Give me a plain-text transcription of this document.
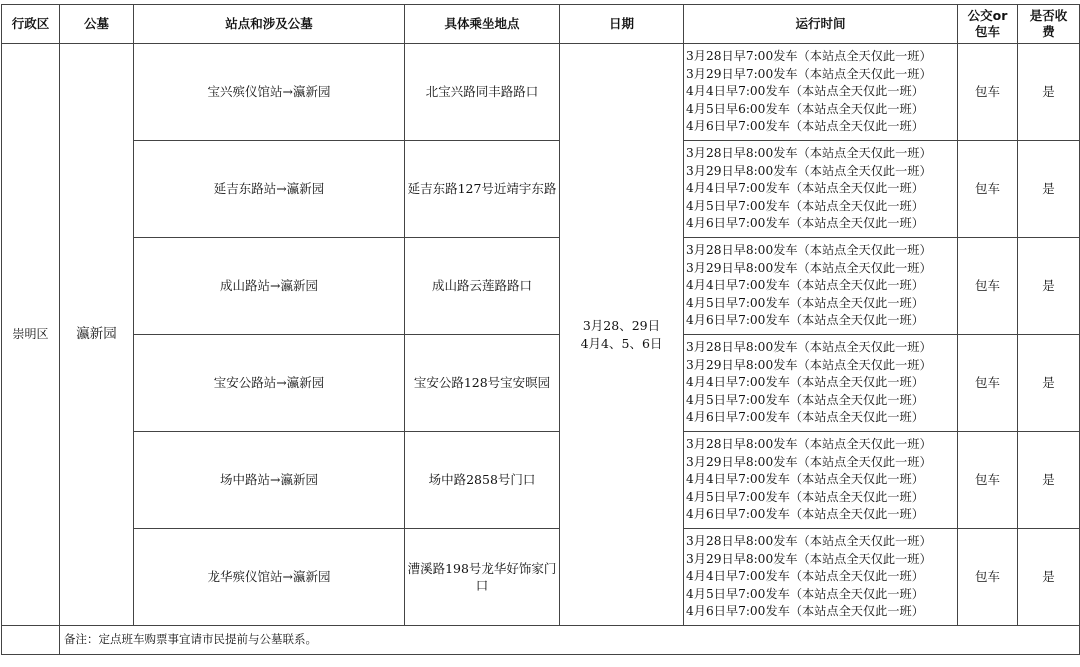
行政区	公墓	站点和涉及公墓	具体乘坐地点	日期	运行时间	公交or
包车	是否收
费
崇明区	瀛新园	宝兴殡仪馆站→瀛新园	北宝兴路同丰路路口	3月28、29日
4月4、5、6日	3月28日早7:00发车（本站点全天仅此一班）
3月29日早7:00发车（本站点全天仅此一班）
4月4日早7:00发车（本站点全天仅此一班）
4月5日早6:00发车（本站点全天仅此一班）
4月6日早7:00发车（本站点全天仅此一班）	包车	是
		延吉东路站→瀛新园	延吉东路127号近靖宇东路		3月28日早8:00发车（本站点全天仅此一班）
3月29日早8:00发车（本站点全天仅此一班）
4月4日早7:00发车（本站点全天仅此一班）
4月5日早7:00发车（本站点全天仅此一班）
4月6日早7:00发车（本站点全天仅此一班）	包车	是
		成山路站→瀛新园	成山路云莲路路口		3月28日早8:00发车（本站点全天仅此一班）
3月29日早8:00发车（本站点全天仅此一班）
4月4日早7:00发车（本站点全天仅此一班）
4月5日早7:00发车（本站点全天仅此一班）
4月6日早7:00发车（本站点全天仅此一班）	包车	是
		宝安公路站→瀛新园	宝安公路128号宝安暝园		3月28日早8:00发车（本站点全天仅此一班）
3月29日早8:00发车（本站点全天仅此一班）
4月4日早7:00发车（本站点全天仅此一班）
4月5日早7:00发车（本站点全天仅此一班）
4月6日早7:00发车（本站点全天仅此一班）	包车	是
		场中路站→瀛新园	场中路2858号门口		3月28日早8:00发车（本站点全天仅此一班）
3月29日早8:00发车（本站点全天仅此一班）
4月4日早7:00发车（本站点全天仅此一班）
4月5日早7:00发车（本站点全天仅此一班）
4月6日早7:00发车（本站点全天仅此一班）	包车	是
		龙华殡仪馆站→瀛新园	漕溪路198号龙华好饰家门口		3月28日早8:00发车（本站点全天仅此一班）
3月29日早8:00发车（本站点全天仅此一班）
4月4日早7:00发车（本站点全天仅此一班）
4月5日早7:00发车（本站点全天仅此一班）
4月6日早7:00发车（本站点全天仅此一班）	包车	是
	备注：定点班车购票事宜请市民提前与公墓联系。						
